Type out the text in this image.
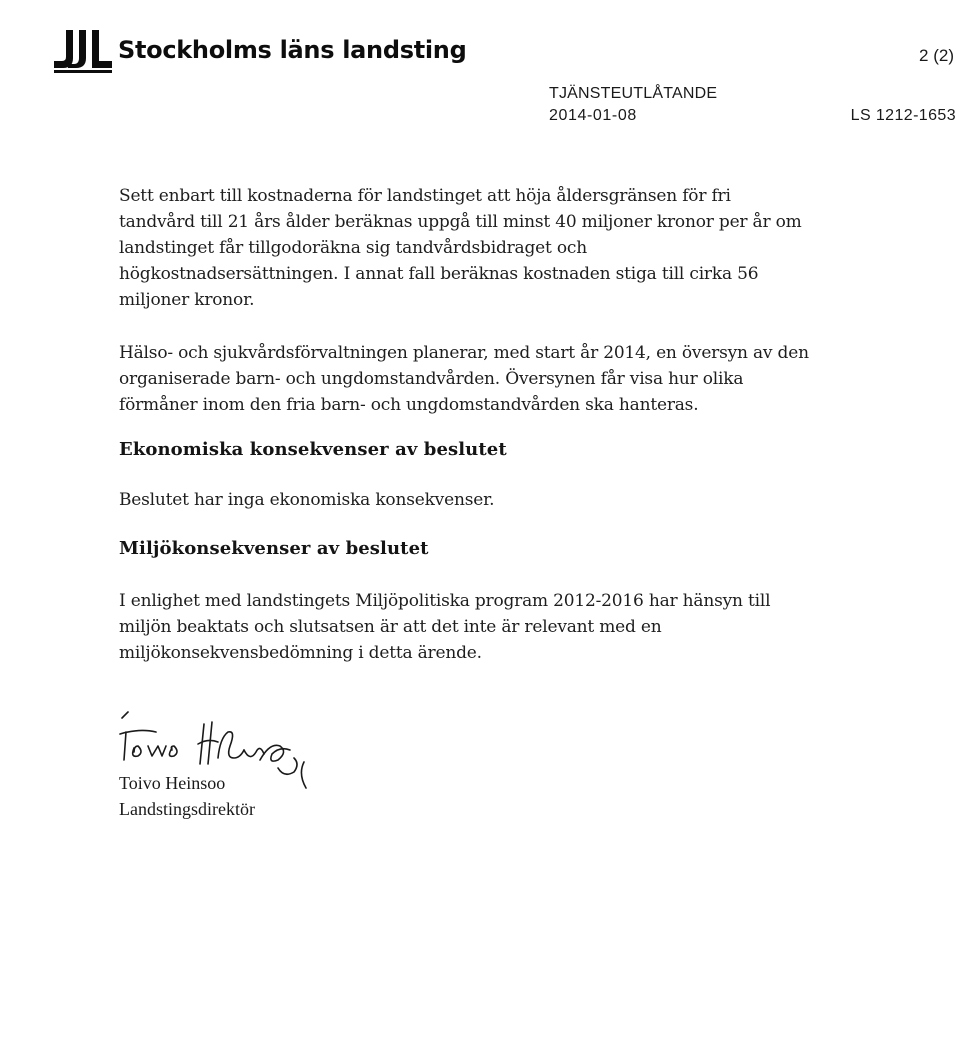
Stockholms läns landsting	2 (2)
TJÄNSTEUTLÅTANDE
2014-01-08	LS 1212-1653

Sett enbart till kostnaderna för landstinget att höja åldersgränsen för fri tandvård till 21 års ålder beräknas uppgå till minst 40 miljoner kronor per år om landstinget får tillgodoräkna sig tandvårdsbidraget och högkostnadsersättningen. I annat fall beräknas kostnaden stiga till cirka 56 miljoner kronor.

Hälso- och sjukvårdsförvaltningen planerar, med start år 2014, en översyn av den organiserade barn- och ungdomstandvården. Översynen får visa hur olika förmåner inom den fria barn- och ungdomstandvården ska hanteras.

Ekonomiska konsekvenser av beslutet

Beslutet har inga ekonomiska konsekvenser.

Miljökonsekvenser av beslutet

I enlighet med landstingets Miljöpolitiska program 2012-2016 har hänsyn till miljön beaktats och slutsatsen är att det inte är relevant med en miljökonsekvensbedömning i detta ärende.

Toivo Heinsoo
Landstingsdirektör
